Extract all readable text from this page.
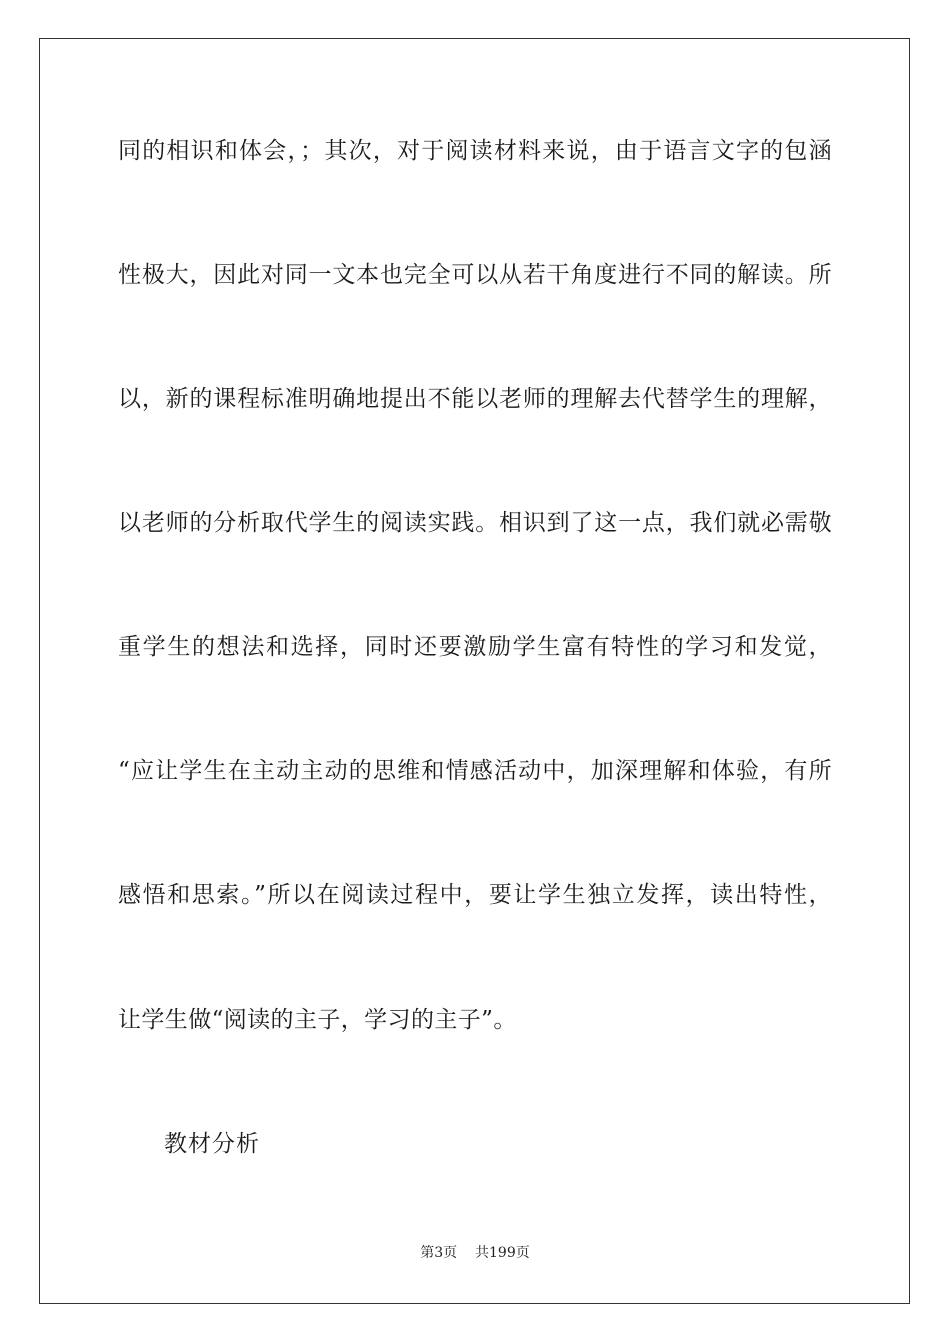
同的相识和体会，；其次，对于阅读材料来说，由于语言文字的包涵
性极大，因此对同一文本也完全可以从若干角度进行不同的解读。所
以，新的课程标准明确地提出不能以老师的理解去代替学生的理解，
以老师的分析取代学生的阅读实践。相识到了这一点，我们就必需敬
重学生的想法和选择，同时还要激励学生富有特性的学习和发觉，
“应让学生在主动主动的思维和情感活动中，加深理解和体验，有所
感悟和思索。”所以在阅读过程中，要让学生独立发挥，读出特性，
让学生做“阅读的主子，学习的主子”。
教材分析
第3页 共199页
